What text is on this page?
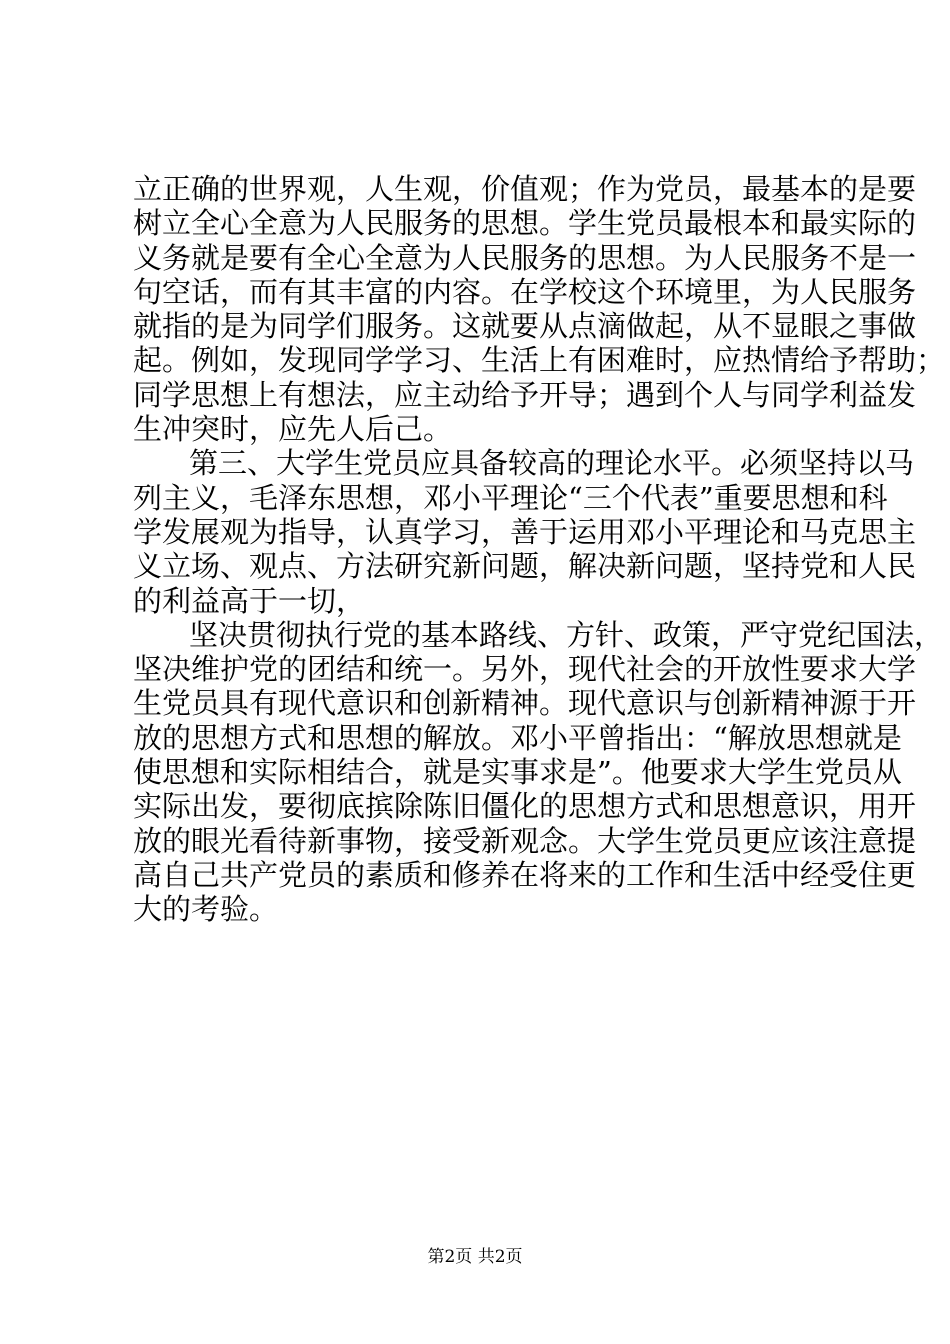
立正确的世界观，人生观，价值观；作为党员，最基本的是要
树立全心全意为人民服务的思想。学生党员最根本和最实际的
义务就是要有全心全意为人民服务的思想。为人民服务不是一
句空话，而有其丰富的内容。在学校这个环境里，为人民服务
就指的是为同学们服务。这就要从点滴做起，从不显眼之事做
起。例如，发现同学学习、生活上有困难时，应热情给予帮助；
同学思想上有想法，应主动给予开导；遇到个人与同学利益发
生冲突时，应先人后己。
第三、大学生党员应具备较高的理论水平。必须坚持以马
列主义，毛泽东思想，邓小平理论“三个代表”重要思想和科
学发展观为指导，认真学习，善于运用邓小平理论和马克思主
义立场、观点、方法研究新问题，解决新问题，坚持党和人民
的利益高于一切，
坚决贯彻执行党的基本路线、方针、政策，严守党纪国法，
坚决维护党的团结和统一。另外，现代社会的开放性要求大学
生党员具有现代意识和创新精神。现代意识与创新精神源于开
放的思想方式和思想的解放。邓小平曾指出：“解放思想就是
使思想和实际相结合，就是实事求是”。他要求大学生党员从
实际出发，要彻底摈除陈旧僵化的思想方式和思想意识，用开
放的眼光看待新事物，接受新观念。大学生党员更应该注意提
高自己共产党员的素质和修养在将来的工作和生活中经受住更
大的考验。
第2页 共2页
